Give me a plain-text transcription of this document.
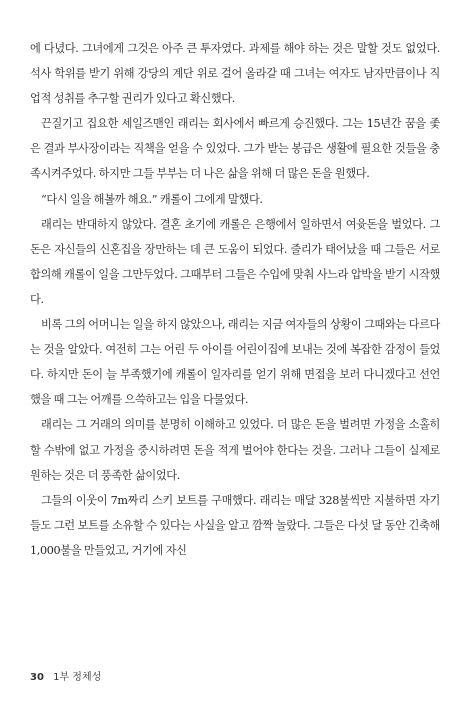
에 다녔다. 그녀에게 그것은 아주 큰 투자였다. 과제를 해야 하는 것은 말할 것도 없었다. 석사 학위를 받기 위해 강당의 계단 위로 걸어 올라갈 때 그녀는 여자도 남자만큼이나 직업적 성취를 추구할 권리가 있다고 확신했다.

끈질기고 집요한 세일즈맨인 래리는 회사에서 빠르게 승진했다. 그는 15년간 꿈을 좇은 결과 부사장이라는 직책을 얻을 수 있었다. 그가 받는 봉급은 생활에 필요한 것들을 충족시켜주었다. 하지만 그들 부부는 더 나은 삶을 위해 더 많은 돈을 원했다.

“다시 일을 해볼까 해요.” 캐롤이 그에게 말했다.

래리는 반대하지 않았다. 결혼 초기에 캐롤은 은행에서 일하면서 여윳돈을 벌었다. 그 돈은 자신들의 신혼집을 장만하는 데 큰 도움이 되었다. 줄리가 태어났을 때 그들은 서로 합의해 캐롤이 일을 그만두었다. 그때부터 그들은 수입에 맞춰 사느라 압박을 받기 시작했다.

비록 그의 어머니는 일을 하지 않았으나, 래리는 지금 여자들의 상황이 그때와는 다르다는 것을 알았다. 여전히 그는 어린 두 아이를 어린이집에 보내는 것에 복잡한 감정이 들었다. 하지만 돈이 늘 부족했기에 캐롤이 일자리를 얻기 위해 면접을 보러 다니겠다고 선언했을 때 그는 어깨를 으쓱하고는 입을 다물었다.

래리는 그 거래의 의미를 분명히 이해하고 있었다. 더 많은 돈을 벌려면 가정을 소홀히 할 수밖에 없고 가정을 중시하려면 돈을 적게 벌어야 한다는 것을. 그러나 그들이 실제로 원하는 것은 더 풍족한 삶이었다.

그들의 이웃이 7m짜리 스키 보트를 구매했다. 래리는 매달 328불씩만 지불하면 자기들도 그런 보트를 소유할 수 있다는 사실을 알고 깜짝 놀랐다. 그들은 다섯 달 동안 긴축해 1,000불을 만들었고, 거기에 자신

30 1부 정체성
